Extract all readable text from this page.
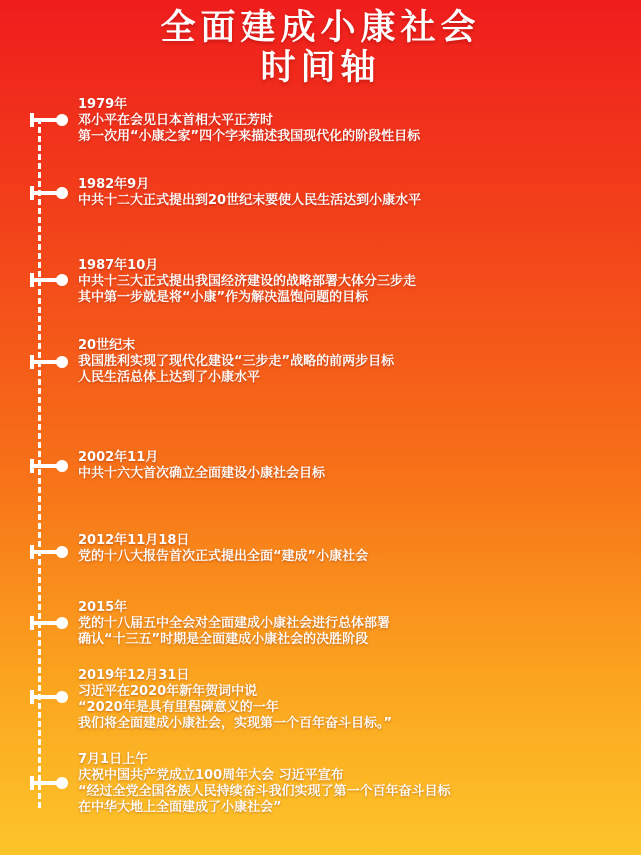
全面建成小康社会
时间轴
1979年
邓小平在会见日本首相大平正芳时
第一次用“小康之家”四个字来描述我国现代化的阶段性目标
1982年9月
中共十二大正式提出到20世纪末要使人民生活达到小康水平
1987年10月
中共十三大正式提出我国经济建设的战略部署大体分三步走
其中第一步就是将“小康”作为解决温饱问题的目标
20世纪末
我国胜利实现了现代化建设“三步走”战略的前两步目标
人民生活总体上达到了小康水平
2002年11月
中共十六大首次确立全面建设小康社会目标
2012年11月18日
党的十八大报告首次正式提出全面“建成”小康社会
2015年
党的十八届五中全会对全面建成小康社会进行总体部署
确认“十三五”时期是全面建成小康社会的决胜阶段
2019年12月31日
习近平在2020年新年贺词中说
“2020年是具有里程碑意义的一年
我们将全面建成小康社会，实现第一个百年奋斗目标。”
7月1日上午
庆祝中国共产党成立100周年大会 习近平宣布
“经过全党全国各族人民持续奋斗我们实现了第一个百年奋斗目标
在中华大地上全面建成了小康社会”
